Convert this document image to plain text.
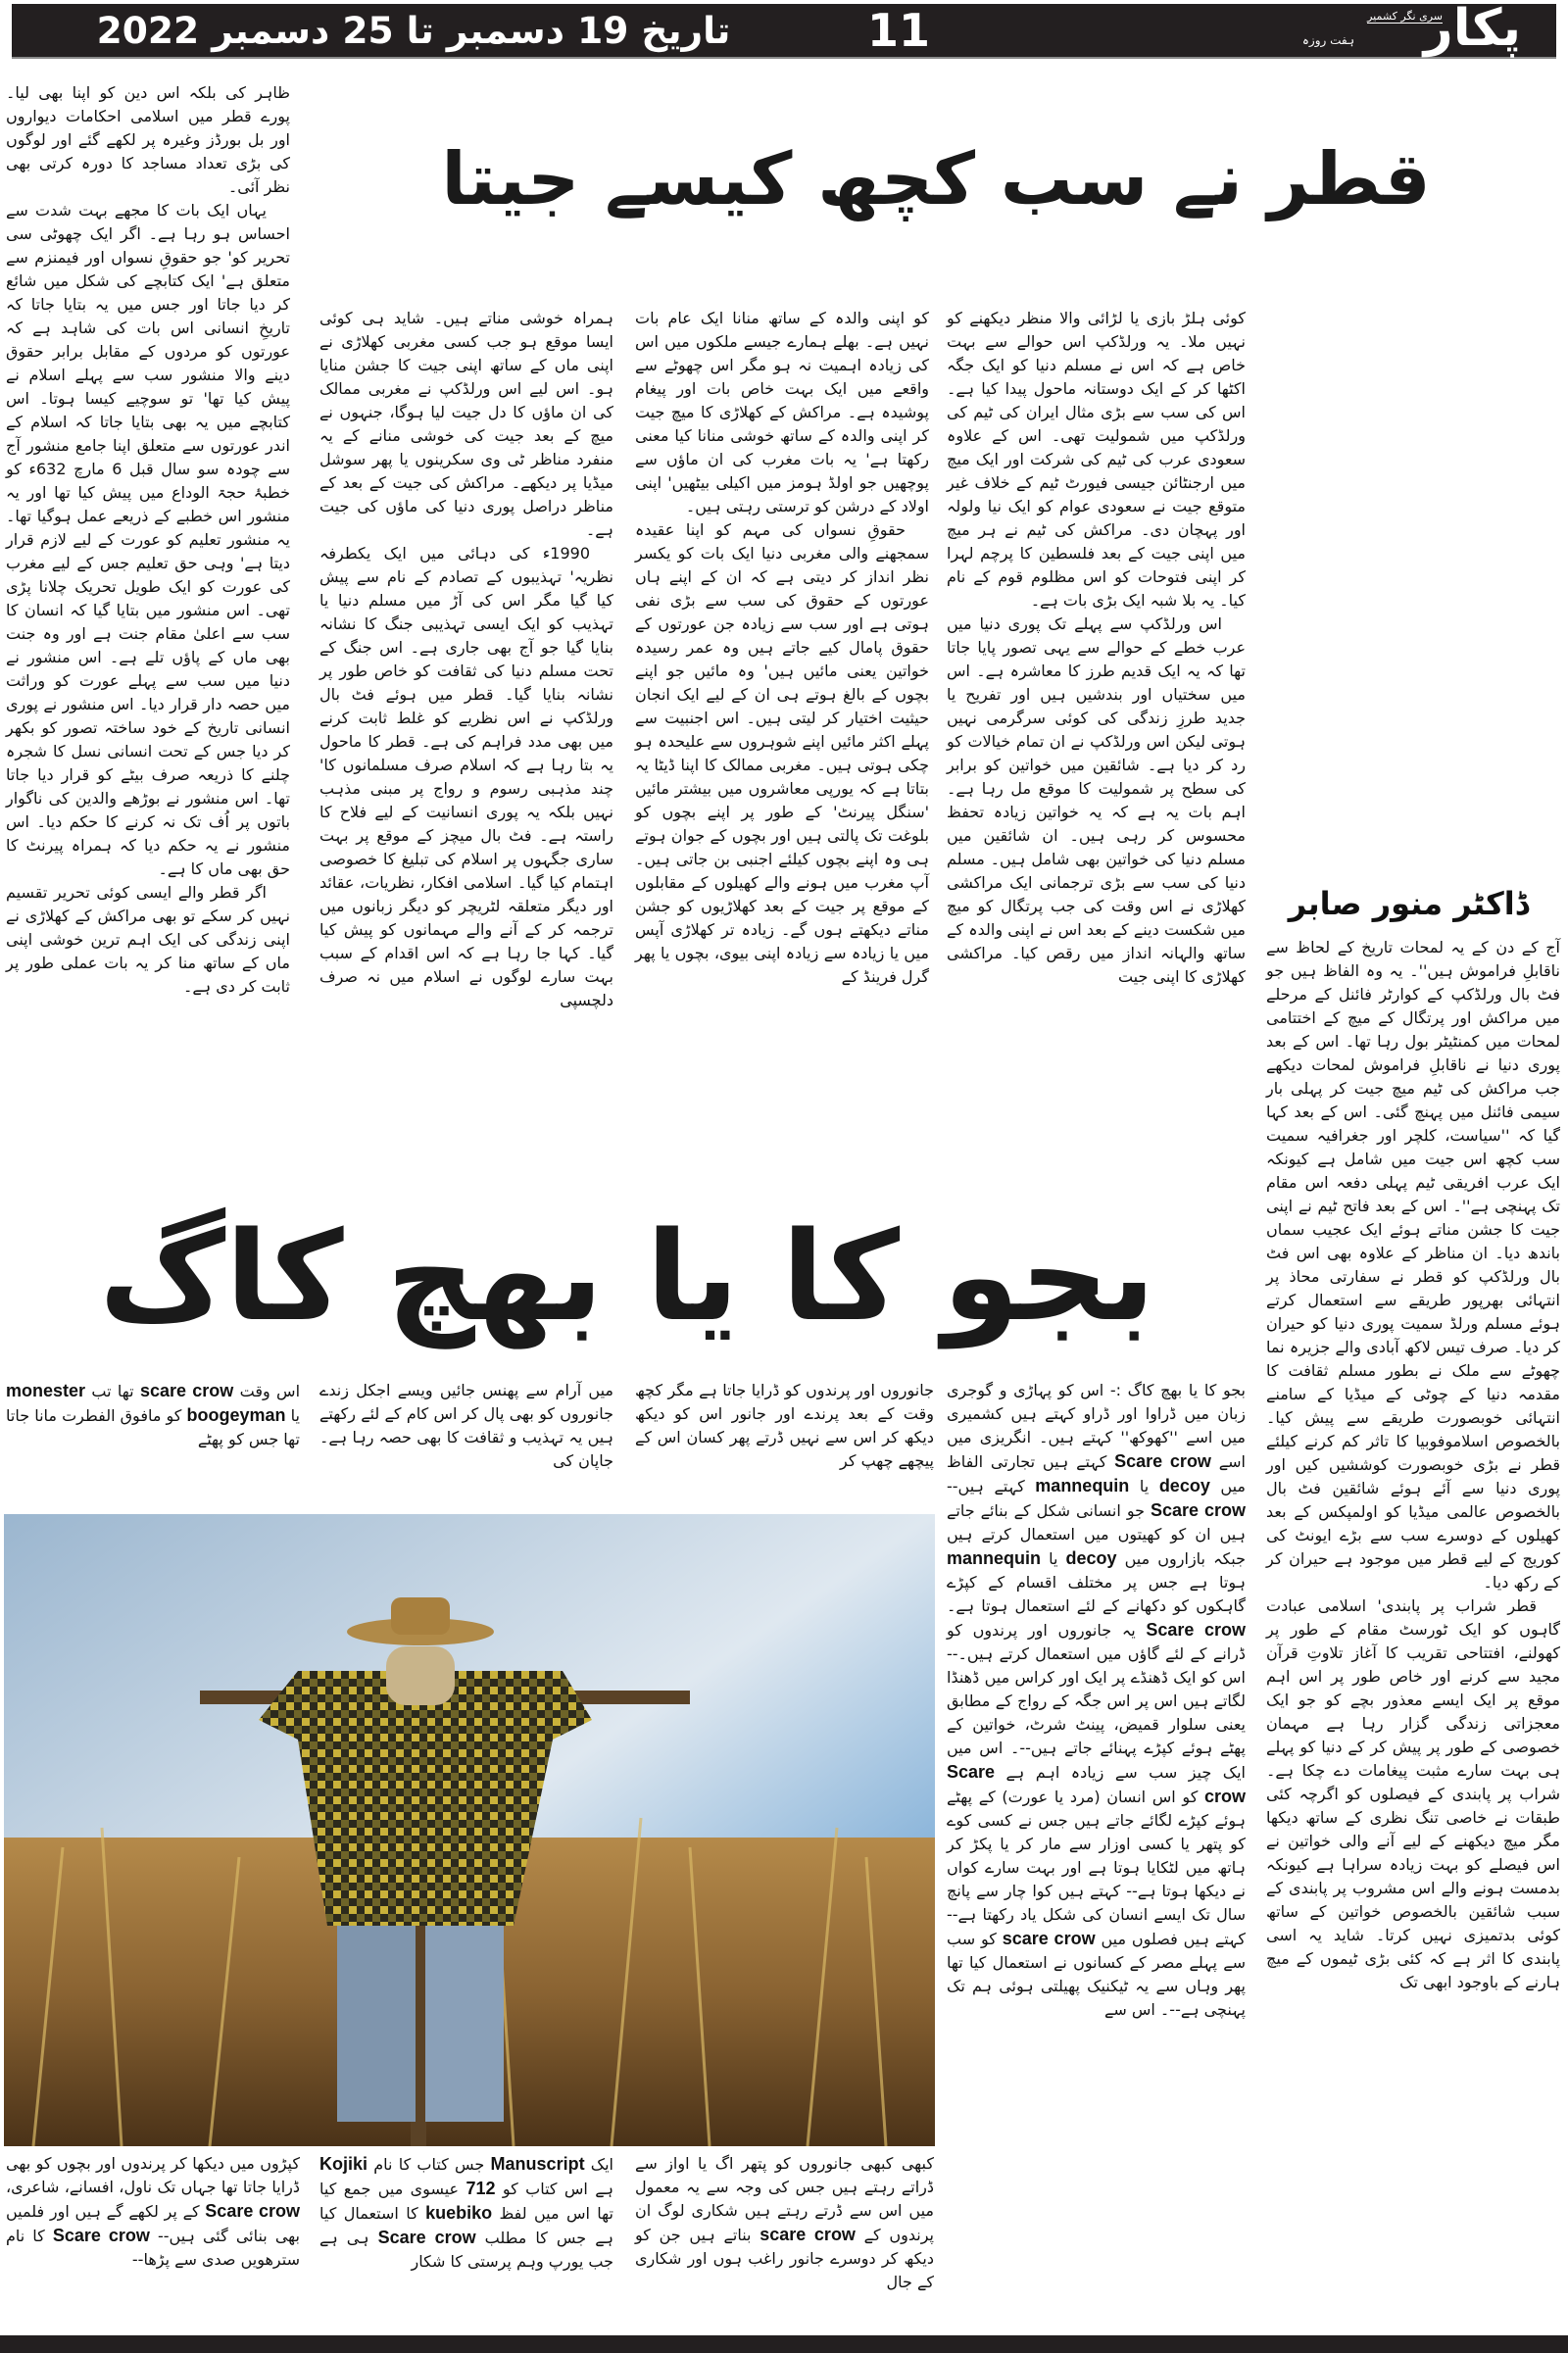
تاریخ 19 دسمبر تا 25 دسمبر 2022	11	پکار
ہفت روزہ
سری نگر کشمیر
قطر نے سب کچھ کیسے جیتا

ظاہر کی بلکہ اس دین کو اپنا بھی لیا۔ پورے قطر میں اسلامی احکامات دیواروں اور بل بورڈز وغیرہ پر لکھے گئے اور لوگوں کی بڑی تعداد مساجد کا دورہ کرتی بھی نظر آئی۔

یہاں ایک بات کا مجھے بہت شدت سے احساس ہو رہا ہے۔ اگر ایک چھوٹی سی تحریر کو' جو حقوقِ نسواں اور فیمنزم سے متعلق ہے' ایک کتابچے کی شکل میں شائع کر دیا جاتا اور جس میں یہ بتایا جاتا کہ تاریخِ انسانی اس بات کی شاہد ہے کہ عورتوں کو مردوں کے مقابل برابر حقوق دینے والا منشور سب سے پہلے اسلام نے پیش کیا تھا' تو سوچیے کیسا ہوتا۔ اس کتابچے میں یہ بھی بتایا جاتا کہ اسلام کے اندر عورتوں سے متعلق اپنا جامع منشور آج سے چودہ سو سال قبل 6 مارچ 632ء کو خطبۂ حجۃ الوداع میں پیش کیا تھا اور یہ منشور اس خطبے کے ذریعے عمل ہوگیا تھا۔ یہ منشور تعلیم کو عورت کے لیے لازم قرار دیتا ہے' وہی حق تعلیم جس کے لیے مغرب کی عورت کو ایک طویل تحریک چلانا پڑی تھی۔ اس منشور میں بتایا گیا کہ انسان کا سب سے اعلیٰ مقام جنت ہے اور وہ جنت بھی ماں کے پاؤں تلے ہے۔ اس منشور نے دنیا میں سب سے پہلے عورت کو وراثت میں حصہ دار قرار دیا۔ اس منشور نے پوری انسانی تاریخ کے خود ساختہ تصور کو بکھر کر دیا جس کے تحت انسانی نسل کا شجرہ چلنے کا ذریعہ صرف بیٹے کو قرار دیا جاتا تھا۔ اس منشور نے بوڑھے والدین کی ناگوار باتوں پر اُف تک نہ کرنے کا حکم دیا۔ اس منشور نے یہ حکم دیا کہ ہمراہ پیرنٹ کا حق بھی ماں کا ہے۔

اگر قطر والے ایسی کوئی تحریر تقسیم نہیں کر سکے تو بھی مراکش کے کھلاڑی نے اپنی زندگی کی ایک اہم ترین خوشی اپنی ماں کے ساتھ منا کر یہ بات عملی طور پر ثابت کر دی ہے۔

ہمراہ خوشی مناتے ہیں۔ شاید ہی کوئی ایسا موقع ہو جب کسی مغربی کھلاڑی نے اپنی ماں کے ساتھ اپنی جیت کا جشن منایا ہو۔ اس لیے اس ورلڈکپ نے مغربی ممالک کی ان ماؤں کا دل جیت لیا ہوگا، جنہوں نے میچ کے بعد جیت کی خوشی منانے کے یہ منفرد مناظر ٹی وی سکرینوں یا پھر سوشل میڈیا پر دیکھے۔ مراکش کی جیت کے بعد کے مناظر دراصل پوری دنیا کی ماؤں کی جیت ہے۔

1990ء کی دہائی میں ایک یکطرفہ نظریہ' تہذیبوں کے تصادم کے نام سے پیش کیا گیا مگر اس کی آڑ میں مسلم دنیا یا تہذیب کو ایک ایسی تہذیبی جنگ کا نشانہ بنایا گیا جو آج بھی جاری ہے۔ اس جنگ کے تحت مسلم دنیا کی ثقافت کو خاص طور پر نشانہ بنایا گیا۔ قطر میں ہوئے فٹ بال ورلڈکپ نے اس نظریے کو غلط ثابت کرنے میں بھی مدد فراہم کی ہے۔ قطر کا ماحول یہ بتا رہا ہے کہ اسلام صرف مسلمانوں کا' چند مذہبی رسوم و رواج پر مبنی مذہب نہیں بلکہ یہ پوری انسانیت کے لیے فلاح کا راستہ ہے۔ فٹ بال میچز کے موقع پر بہت ساری جگہوں پر اسلام کی تبلیغ کا خصوصی اہتمام کیا گیا۔ اسلامی افکار، نظریات، عقائد اور دیگر متعلقہ لٹریچر کو دیگر زبانوں میں ترجمہ کر کے آنے والے مہمانوں کو پیش کیا گیا۔ کہا جا رہا ہے کہ اس اقدام کے سبب بہت سارے لوگوں نے اسلام میں نہ صرف دلچسپی

کو اپنی والدہ کے ساتھ منانا ایک عام بات نہیں ہے۔ بھلے ہمارے جیسے ملکوں میں اس کی زیادہ اہمیت نہ ہو مگر اس چھوٹے سے واقعے میں ایک بہت خاص بات اور پیغام پوشیدہ ہے۔ مراکش کے کھلاڑی کا میچ جیت کر اپنی والدہ کے ساتھ خوشی منانا کیا معنی رکھتا ہے' یہ بات مغرب کی ان ماؤں سے پوچھیں جو اولڈ ہومز میں اکیلی بیٹھیں' اپنی اولاد کے درشن کو ترستی رہتی ہیں۔

حقوقِ نسواں کی مہم کو اپنا عقیدہ سمجھنے والی مغربی دنیا ایک بات کو یکسر نظر انداز کر دیتی ہے کہ ان کے اپنے ہاں عورتوں کے حقوق کی سب سے بڑی نفی ہوتی ہے اور سب سے زیادہ جن عورتوں کے حقوق پامال کیے جاتے ہیں وہ عمر رسیدہ خواتین یعنی مائیں ہیں' وہ مائیں جو اپنے بچوں کے بالغ ہوتے ہی ان کے لیے ایک انجان حیثیت اختیار کر لیتی ہیں۔ اس اجنبیت سے پہلے اکثر مائیں اپنے شوہروں سے علیحدہ ہو چکی ہوتی ہیں۔ مغربی ممالک کا اپنا ڈیٹا یہ بتاتا ہے کہ یورپی معاشروں میں بیشتر مائیں 'سنگل پیرنٹ' کے طور پر اپنے بچوں کو بلوغت تک پالتی ہیں اور بچوں کے جوان ہوتے ہی وہ اپنے بچوں کیلئے اجنبی بن جاتی ہیں۔ آپ مغرب میں ہونے والے کھیلوں کے مقابلوں کے موقع پر جیت کے بعد کھلاڑیوں کو جشن مناتے دیکھتے ہوں گے۔ زیادہ تر کھلاڑی آپس میں یا زیادہ سے زیادہ اپنی بیوی، بچوں یا پھر گرل فرینڈ کے

کوئی ہلڑ بازی یا لڑائی والا منظر دیکھنے کو نہیں ملا۔ یہ ورلڈکپ اس حوالے سے بہت خاص ہے کہ اس نے مسلم دنیا کو ایک جگہ اکٹھا کر کے ایک دوستانہ ماحول پیدا کیا ہے۔ اس کی سب سے بڑی مثال ایران کی ٹیم کی ورلڈکپ میں شمولیت تھی۔ اس کے علاوہ سعودی عرب کی ٹیم کی شرکت اور ایک میچ میں ارجنٹائن جیسی فیورٹ ٹیم کے خلاف غیر متوقع جیت نے سعودی عوام کو ایک نیا ولولہ اور پہچان دی۔ مراکش کی ٹیم نے ہر میچ میں اپنی جیت کے بعد فلسطین کا پرچم لہرا کر اپنی فتوحات کو اس مظلوم قوم کے نام کیا۔ یہ بلا شبہ ایک بڑی بات ہے۔

اس ورلڈکپ سے پہلے تک پوری دنیا میں عرب خطے کے حوالے سے یہی تصور پایا جاتا تھا کہ یہ ایک قدیم طرز کا معاشرہ ہے۔ اس میں سختیاں اور بندشیں ہیں اور تفریح یا جدید طرزِ زندگی کی کوئی سرگرمی نہیں ہوتی لیکن اس ورلڈکپ نے ان تمام خیالات کو رد کر دیا ہے۔ شائقین میں خواتین کو برابر کی سطح پر شمولیت کا موقع مل رہا ہے۔ اہم بات یہ ہے کہ یہ خواتین زیادہ تحفظ محسوس کر رہی ہیں۔ ان شائقین میں مسلم دنیا کی خواتین بھی شامل ہیں۔ مسلم دنیا کی سب سے بڑی ترجمانی ایک مراکشی کھلاڑی نے اس وقت کی جب پرتگال کو میچ میں شکست دینے کے بعد اس نے اپنی والدہ کے ساتھ والہانہ انداز میں رقص کیا۔ مراکشی کھلاڑی کا اپنی جیت

ڈاکٹر منور صابر

آج کے دن کے یہ لمحات تاریخ کے لحاظ سے ناقابلِ فراموش ہیں''۔ یہ وہ الفاظ ہیں جو فٹ بال ورلڈکپ کے کوارٹر فائنل کے مرحلے میں مراکش اور پرتگال کے میچ کے اختتامی لمحات میں کمنٹیٹر بول رہا تھا۔ اس کے بعد پوری دنیا نے ناقابلِ فراموش لمحات دیکھے جب مراکش کی ٹیم میچ جیت کر پہلی بار سیمی فائنل میں پہنچ گئی۔ اس کے بعد کہا گیا کہ ''سیاست، کلچر اور جغرافیہ سمیت سب کچھ اس جیت میں شامل ہے کیونکہ ایک عرب افریقی ٹیم پہلی دفعہ اس مقام تک پہنچی ہے''۔ اس کے بعد فاتح ٹیم نے اپنی جیت کا جشن مناتے ہوئے ایک عجیب سماں باندھ دیا۔ ان مناظر کے علاوہ بھی اس فٹ بال ورلڈکپ کو قطر نے سفارتی محاذ پر انتہائی بھرپور طریقے سے استعمال کرتے ہوئے مسلم ورلڈ سمیت پوری دنیا کو حیران کر دیا۔ صرف تیس لاکھ آبادی والے جزیرہ نما چھوٹے سے ملک نے بطور مسلم ثقافت کا مقدمہ دنیا کے چوٹی کے میڈیا کے سامنے انتہائی خوبصورت طریقے سے پیش کیا۔ بالخصوص اسلاموفوبیا کا تاثر کم کرنے کیلئے قطر نے بڑی خوبصورت کوششیں کیں اور پوری دنیا سے آئے ہوئے شائقین فٹ بال بالخصوص عالمی میڈیا کو اولمپکس کے بعد کھیلوں کے دوسرے سب سے بڑے ایونٹ کی کوریج کے لیے قطر میں موجود ہے حیران کر کے رکھ دیا۔

قطر شراب پر پابندی' اسلامی عبادت گاہوں کو ایک ٹورسٹ مقام کے طور پر کھولنے، افتتاحی تقریب کا آغاز تلاوتِ قرآن مجید سے کرنے اور خاص طور پر اس اہم موقع پر ایک ایسے معذور بچے کو جو ایک معجزاتی زندگی گزار رہا ہے مہمان خصوصی کے طور پر پیش کر کے دنیا کو پہلے ہی بہت سارے مثبت پیغامات دے چکا ہے۔ شراب پر پابندی کے فیصلوں کو اگرچہ کئی طبقات نے خاصی تنگ نظری کے ساتھ دیکھا مگر میچ دیکھنے کے لیے آنے والی خواتین نے اس فیصلے کو بہت زیادہ سراہا ہے کیونکہ بدمست ہونے والے اس مشروب پر پابندی کے سبب شائقین بالخصوص خواتین کے ساتھ کوئی بدتمیزی نہیں کرتا۔ شاید یہ اسی پابندی کا اثر ہے کہ کئی بڑی ٹیموں کے میچ ہارنے کے باوجود ابھی تک

بجو کا یا بھچ کاگ

بجو کا یا بھچ کاگ :- اس کو پہاڑی و گوجری زبان میں ڈراوا اور ڈراو کہتے ہیں کشمیری میں اسے ''کھوکھ'' کہتے ہیں۔ انگریزی میں اسے Scare crow کہتے ہیں تجارتی الفاظ میں decoy یا mannequin کہتے ہیں-- Scare crow جو انسانی شکل کے بنائے جاتے ہیں ان کو کھیتوں میں استعمال کرتے ہیں جبکہ بازاروں میں decoy یا mannequin ہوتا ہے جس پر مختلف اقسام کے کپڑے گاہکوں کو دکھانے کے لئے استعمال ہوتا ہے۔ Scare crow یہ جانوروں اور پرندوں کو ڈرانے کے لئے گاؤں میں استعمال کرتے ہیں۔-- اس کو ایک ڈھنڈے پر ایک اور کراس میں ڈھنڈا لگاتے ہیں اس پر اس جگہ کے رواج کے مطابق یعنی سلوار قمیض، پینٹ شرٹ، خواتین کے پھٹے ہوئے کپڑے پہنائے جاتے ہیں--۔ اس میں ایک چیز سب سے زیادہ اہم ہے Scare crow کو اس انسان (مرد یا عورت) کے پھٹے ہوئے کپڑے لگائے جاتے ہیں جس نے کسی کوے کو پتھر یا کسی اوزار سے مار کر یا پکڑ کر ہاتھ میں لٹکایا ہوتا ہے اور بہت سارے کواں نے دیکھا ہوتا ہے-- کہتے ہیں کوا چار سے پانچ سال تک ایسے انسان کی شکل یاد رکھتا ہے-- کہتے ہیں فصلوں میں scare crow کو سب سے پہلے مصر کے کسانوں نے استعمال کیا تھا پھر وہاں سے یہ ٹیکنیک پھیلتی ہوئی ہم تک پہنچی ہے--۔ اس سے

جانوروں اور پرندوں کو ڈرایا جاتا ہے مگر کچھ وقت کے بعد پرندے اور جانور اس کو دیکھ دیکھ کر اس سے نہیں ڈرتے پھر کسان اس کے پیچھے چھپ کر

میں آرام سے پھنس جائیں ویسے اجکل زندے جانوروں کو بھی پال کر اس کام کے لئے رکھتے ہیں یہ تہذیب و ثقافت کا بھی حصہ رہا ہے۔ جاپان کی

اس وقت scare crow تھا تب monester یا boogeyman کو مافوق الفطرت مانا جاتا تھا جس کو پھٹے

کبھی کبھی جانوروں کو پتھر اگ یا اواز سے ڈراتے رہتے ہیں جس کی وجہ سے یہ معمول میں اس سے ڈرتے رہتے ہیں شکاری لوگ ان پرندوں کے scare crow بناتے ہیں جن کو دیکھ کر دوسرے جانور راغب ہوں اور شکاری کے جال

ایک Manuscript جس کتاب کا نام Kojiki ہے اس کتاب کو 712 عیسوی میں جمع کیا تھا اس میں لفظ kuebiko کا استعمال کیا ہے جس کا مطلب Scare crow ہی ہے جب یورپ وہم پرستی کا شکار

کپڑوں میں دیکھا کر پرندوں اور بچوں کو بھی ڈرایا جاتا تھا جہاں تک ناول، افسانے، شاعری، Scare crow کے پر لکھے گے ہیں اور فلمیں بھی بنائی گئی ہیں-- Scare crow کا نام سترھویں صدی سے پڑھا--
